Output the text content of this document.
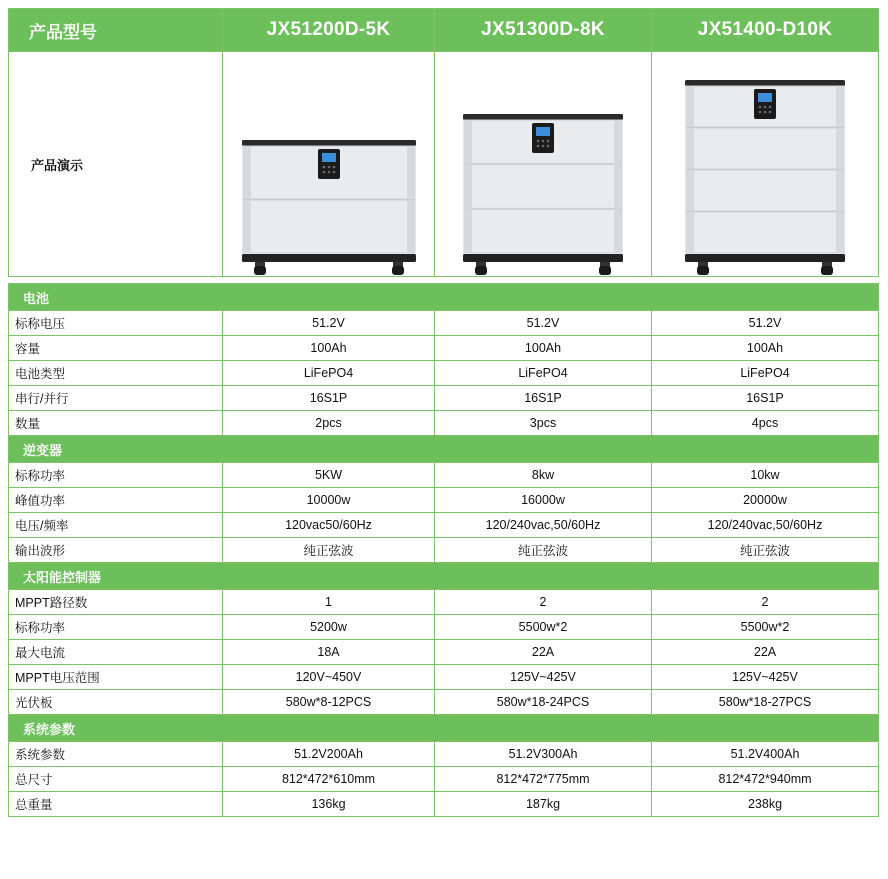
产品型号	JX51200D-5K	JX51300D-8K	JX51400-D10K
产品演示	

电池			
标称电压	51.2V	51.2V	51.2V
容量	100Ah	100Ah	100Ah
电池类型	LiFePO4	LiFePO4	LiFePO4
串行/并行	16S1P	16S1P	16S1P
数量	2pcs	3pcs	4pcs
逆变器			
标称功率	5KW	8kw	10kw
峰值功率	10000w	16000w	20000w
电压/频率	120vac50/60Hz	120/240vac,50/60Hz	120/240vac,50/60Hz
输出波形	纯正弦波	纯正弦波	纯正弦波
太阳能控制器			
MPPT路径数	1	2	2
标称功率	5200w	5500w*2	5500w*2
最大电流	18A	22A	22A
MPPT电压范围	120V~450V	125V~425V	125V~425V
光伏板	580w*8-12PCS	580w*18-24PCS	580w*18-27PCS
系统参数			
系统参数	51.2V200Ah	51.2V300Ah	51.2V400Ah
总尺寸	812*472*610mm	812*472*775mm	812*472*940mm
总重量	136kg	187kg	238kg
